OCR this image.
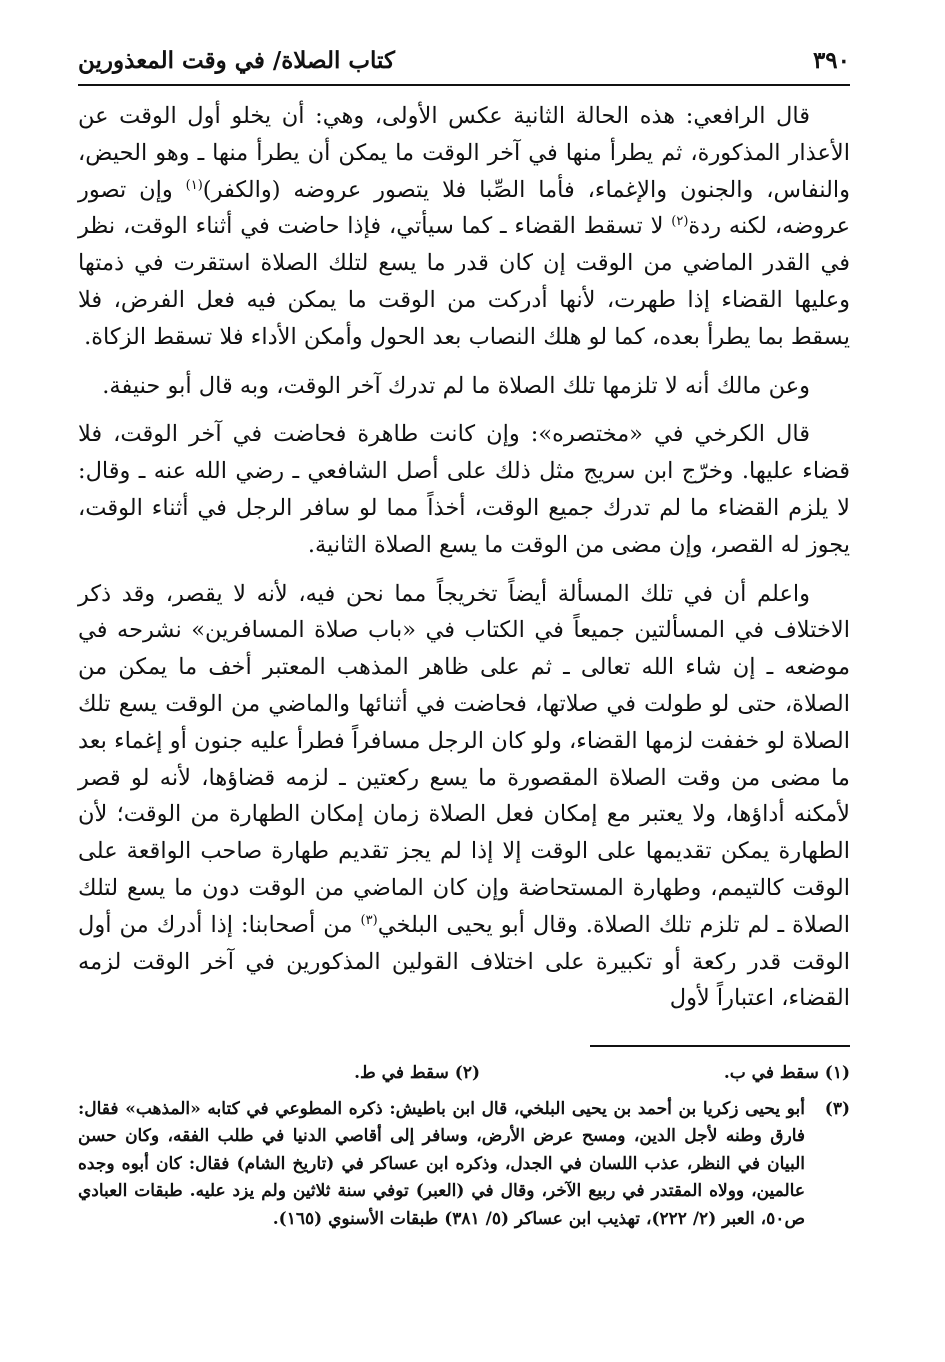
٣٩٠
كتاب الصلاة/ في وقت المعذورين

قال الرافعي: هذه الحالة الثانية عكس الأولى، وهي: أن يخلو أول الوقت عن الأعذار المذكورة، ثم يطرأ منها في آخر الوقت ما يمكن أن يطرأ منها ـ وهو الحيض، والنفاس، والجنون والإغماء، فأما الصِّبا فلا يتصور عروضه (والكفر)$^{(١)}$ وإن تصور عروضه، لكنه ردة$^{(٢)}$ لا تسقط القضاء ـ كما سيأتي، فإذا حاضت في أثناء الوقت، نظر في القدر الماضي من الوقت إن كان قدر ما يسع لتلك الصلاة استقرت في ذمتها وعليها القضاء إذا طهرت، لأنها أدركت من الوقت ما يمكن فيه فعل الفرض، فلا يسقط بما يطرأ بعده، كما لو هلك النصاب بعد الحول وأمكن الأداء فلا تسقط الزكاة.

وعن مالك أنه لا تلزمها تلك الصلاة ما لم تدرك آخر الوقت، وبه قال أبو حنيفة.

قال الكرخي في «مختصره»: وإن كانت طاهرة فحاضت في آخر الوقت، فلا قضاء عليها. وخرّج ابن سريج مثل ذلك على أصل الشافعي ـ رضي الله عنه ـ وقال: لا يلزم القضاء ما لم تدرك جميع الوقت، أخذاً مما لو سافر الرجل في أثناء الوقت، يجوز له القصر، وإن مضى من الوقت ما يسع الصلاة الثانية.

واعلم أن في تلك المسألة أيضاً تخريجاً مما نحن فيه، لأنه لا يقصر، وقد ذكر الاختلاف في المسألتين جميعاً في الكتاب في «باب صلاة المسافرين» نشرحه في موضعه ـ إن شاء الله تعالى ـ ثم على ظاهر المذهب المعتبر أخف ما يمكن من الصلاة، حتى لو طولت في صلاتها، فحاضت في أثنائها والماضي من الوقت يسع تلك الصلاة لو خففت لزمها القضاء، ولو كان الرجل مسافراً فطرأ عليه جنون أو إغماء بعد ما مضى من وقت الصلاة المقصورة ما يسع ركعتين ـ لزمه قضاؤها، لأنه لو قصر لأمكنه أداؤها، ولا يعتبر مع إمكان فعل الصلاة زمان إمكان الطهارة من الوقت؛ لأن الطهارة يمكن تقديمها على الوقت إلا إذا لم يجز تقديم طهارة صاحب الواقعة على الوقت كالتيمم، وطهارة المستحاضة وإن كان الماضي من الوقت دون ما يسع لتلك الصلاة ـ لم تلزم تلك الصلاة. وقال أبو يحيى البلخي$^{(٣)}$ من أصحابنا: إذا أدرك من أول الوقت قدر ركعة أو تكبيرة على اختلاف القولين المذكورين في آخر الوقت لزمه القضاء، اعتباراً لأول

(١) سقط في ب.
(٢) سقط في ط.
(٣)
أبو يحيى زكريا بن أحمد بن يحيى البلخي، قال ابن باطيش: ذكره المطوعي في كتابه «المذهب» فقال: فارق وطنه لأجل الدين، ومسح عرض الأرض، وسافر إلى أقاصي الدنيا في طلب الفقه، وكان حسن البيان في النظر، عذب اللسان في الجدل، وذكره ابن عساكر في (تاريخ الشام) فقال: كان أبوه وجده عالمين، وولاه المقتدر في ربيع الآخر، وقال في (العبر) توفي سنة ثلاثين ولم يزد عليه. طبقات العبادي ص٥٠، العبر (٢/ ٢٢٢)، تهذيب ابن عساكر (٥/ ٣٨١) طبقات الأسنوي (١٦٥).
